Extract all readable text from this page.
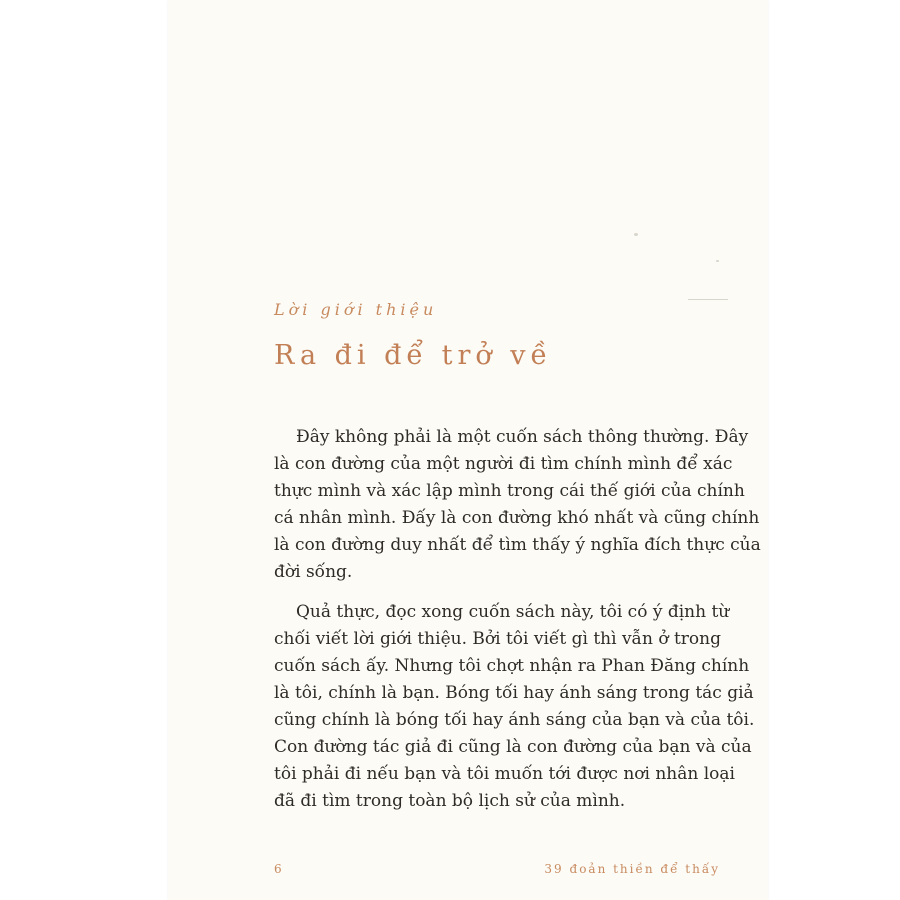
Lời giới thiệu
Ra đi để trở về
Đây không phải là một cuốn sách thông thường. Đây
là con đường của một người đi tìm chính mình để xác
thực mình và xác lập mình trong cái thế giới của chính
cá nhân mình. Đấy là con đường khó nhất và cũng chính
là con đường duy nhất để tìm thấy ý nghĩa đích thực của
đời sống.
Quả thực, đọc xong cuốn sách này, tôi có ý định từ
chối viết lời giới thiệu. Bởi tôi viết gì thì vẫn ở trong
cuốn sách ấy. Nhưng tôi chợt nhận ra Phan Đăng chính
là tôi, chính là bạn. Bóng tối hay ánh sáng trong tác giả
cũng chính là bóng tối hay ánh sáng của bạn và của tôi.
Con đường tác giả đi cũng là con đường của bạn và của
tôi phải đi nếu bạn và tôi muốn tới được nơi nhân loại
đã đi tìm trong toàn bộ lịch sử của mình.
6	39 đoản thiền để thấy
